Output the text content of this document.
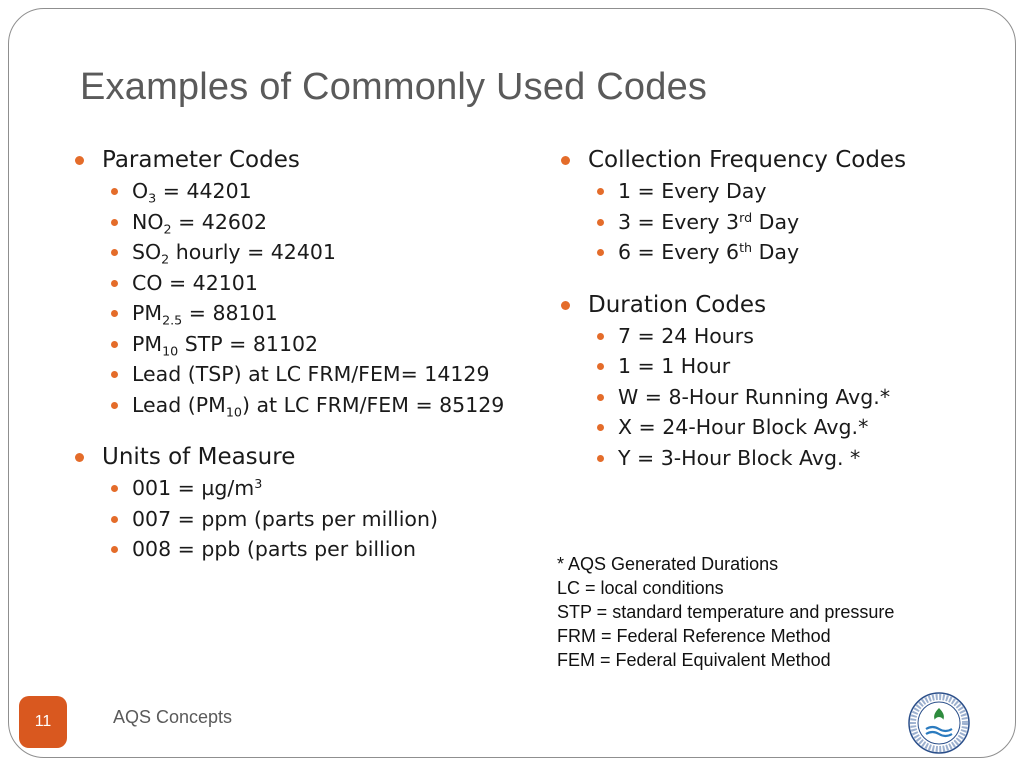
Examples of Commonly Used Codes
Parameter Codes
$O_3 = 44201$
$NO_2 = 42602$
$SO_2$ hourly = 42401
CO = 42101
$PM_{2.5} = 88101$
$PM_{10}$ STP = 81102
Lead (TSP) at LC FRM/FEM= 14129
Lead $(PM_{10})$ at LC FRM/FEM = 85129
Units of Measure
$001 = \mu g/m^3$
007 = ppm (parts per million)
008 = ppb (parts per billion
Collection Frequency Codes
1 = Every Day
3 = Every 3rd Day
6 = Every 6th Day
Duration Codes
7 = 24 Hours
1 = 1 Hour
W = 8-Hour Running Avg.*
X = 24-Hour Block Avg.*
Y = 3-Hour Block Avg. *
* AQS Generated Durations
LC = local conditions
STP = standard temperature and pressure
FRM = Federal Reference Method
FEM = Federal Equivalent Method
11	AQS Concepts
